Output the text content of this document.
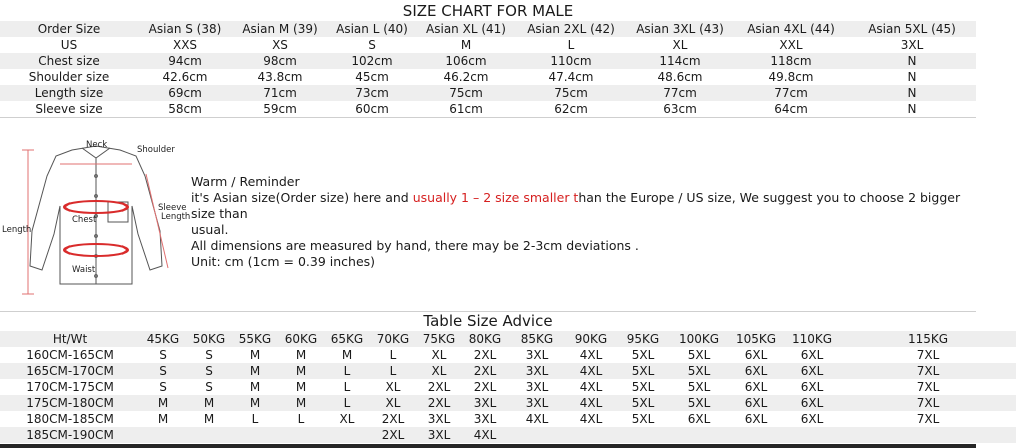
SIZE CHART FOR MALE
Order Size	Asian S (38)	Asian M (39)	Asian L (40)	Asian XL (41)	Asian 2XL (42)	Asian 3XL (43)	Asian 4XL (44)	Asian 5XL (45)
US	XXS	XS	S	M	L	XL	XXL	3XL
Chest size	94cm	98cm	102cm	106cm	110cm	114cm	118cm	N
Shoulder size	42.6cm	43.8cm	45cm	46.2cm	47.4cm	48.6cm	49.8cm	N
Length size	69cm	71cm	73cm	75cm	75cm	77cm	77cm	N
Sleeve size	58cm	59cm	60cm	61cm	62cm	63cm	64cm	N
Neck	Shoulder
Chest
Waist
Length
Sleeve
Length
Warm / Reminder
it's Asian size(Order size) here and usually 1 – 2 size smaller than the Europe / US size, We suggest you to choose 2 bigger size than
usual.
All dimensions are measured by hand, there may be 2-3cm deviations .
Unit: cm (1cm = 0.39 inches)
Table Size Advice
Ht/Wt	45KG	50KG	55KG	60KG	65KG	70KG	75KG	80KG	85KG	90KG	95KG	100KG	105KG	110KG	115KG
160CM-165CM	S	S	M	M	M	L	XL	2XL	3XL	4XL	5XL	5XL	6XL	6XL	7XL
165CM-170CM	S	S	M	M	L	L	XL	2XL	3XL	4XL	5XL	5XL	6XL	6XL	7XL
170CM-175CM	S	S	M	M	L	XL	2XL	2XL	3XL	4XL	5XL	5XL	6XL	6XL	7XL
175CM-180CM	M	M	M	M	L	XL	2XL	3XL	3XL	4XL	5XL	5XL	6XL	6XL	7XL
180CM-185CM	M	M	L	L	XL	2XL	3XL	3XL	4XL	4XL	5XL	6XL	6XL	6XL	7XL
185CM-190CM						2XL	3XL	4XL							
